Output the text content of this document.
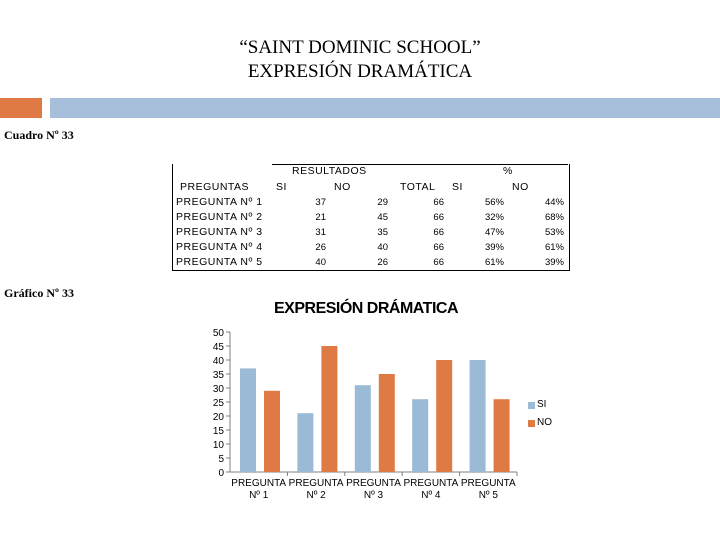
“SAINT DOMINIC SCHOOL”
EXPRESIÓN DRAMÁTICA
Cuadro Nº 33
RESULTADOS	%
PREGUNTAS	SI	NO	TOTAL SI	NO
PREGUNTA Nº 1	37	29	66	56%	44%
PREGUNTA Nº 2	21	45	66	32%	68%
PREGUNTA Nº 3	31	35	66	47%	53%
PREGUNTA Nº 4	26	40	66	39%	61%
PREGUNTA Nº 5	40	26	66	61%	39%
Gráfico Nº 33
EXPRESIÓN DRÁMATICA
0
5
10
15
20
25
30
35
40
45
50
PREGUNTA
Nº 1
PREGUNTA
Nº 2
PREGUNTA
Nº 3
PREGUNTA
Nº 4
PREGUNTA
Nº 5
SI
NO
